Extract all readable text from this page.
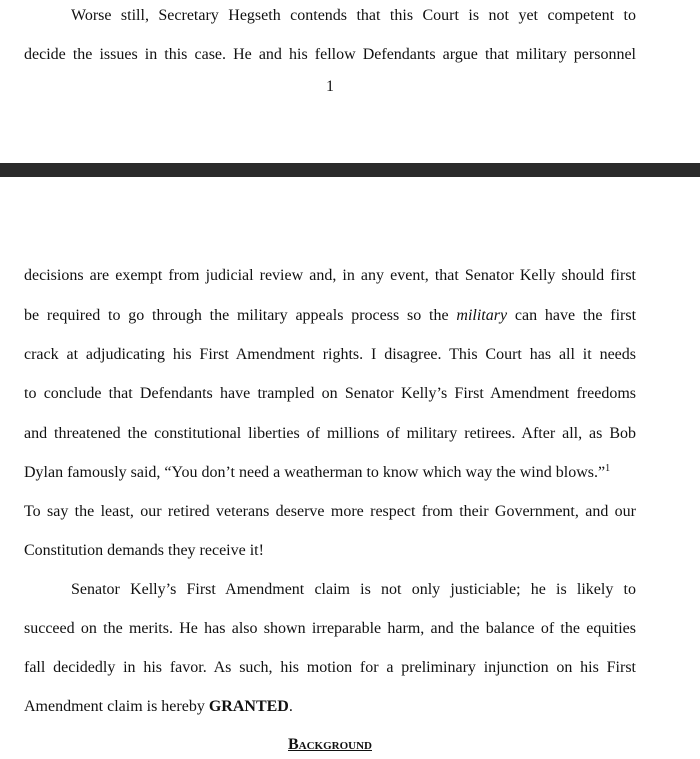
Worse still, Secretary Hegseth contends that this Court is not yet competent to
decide the issues in this case. He and his fellow Defendants argue that military personnel
1
decisions are exempt from judicial review and, in any event, that Senator Kelly should first
be required to go through the military appeals process so the military can have the first
crack at adjudicating his First Amendment rights. I disagree. This Court has all it needs
to conclude that Defendants have trampled on Senator Kelly’s First Amendment freedoms
and threatened the constitutional liberties of millions of military retirees. After all, as Bob
Dylan famously said, “You don’t need a weatherman to know which way the wind blows.”$^1$
To say the least, our retired veterans deserve more respect from their Government, and our
Constitution demands they receive it!
Senator Kelly’s First Amendment claim is not only justiciable; he is likely to
succeed on the merits. He has also shown irreparable harm, and the balance of the equities
fall decidedly in his favor. As such, his motion for a preliminary injunction on his First
Amendment claim is hereby GRANTED.
Background
